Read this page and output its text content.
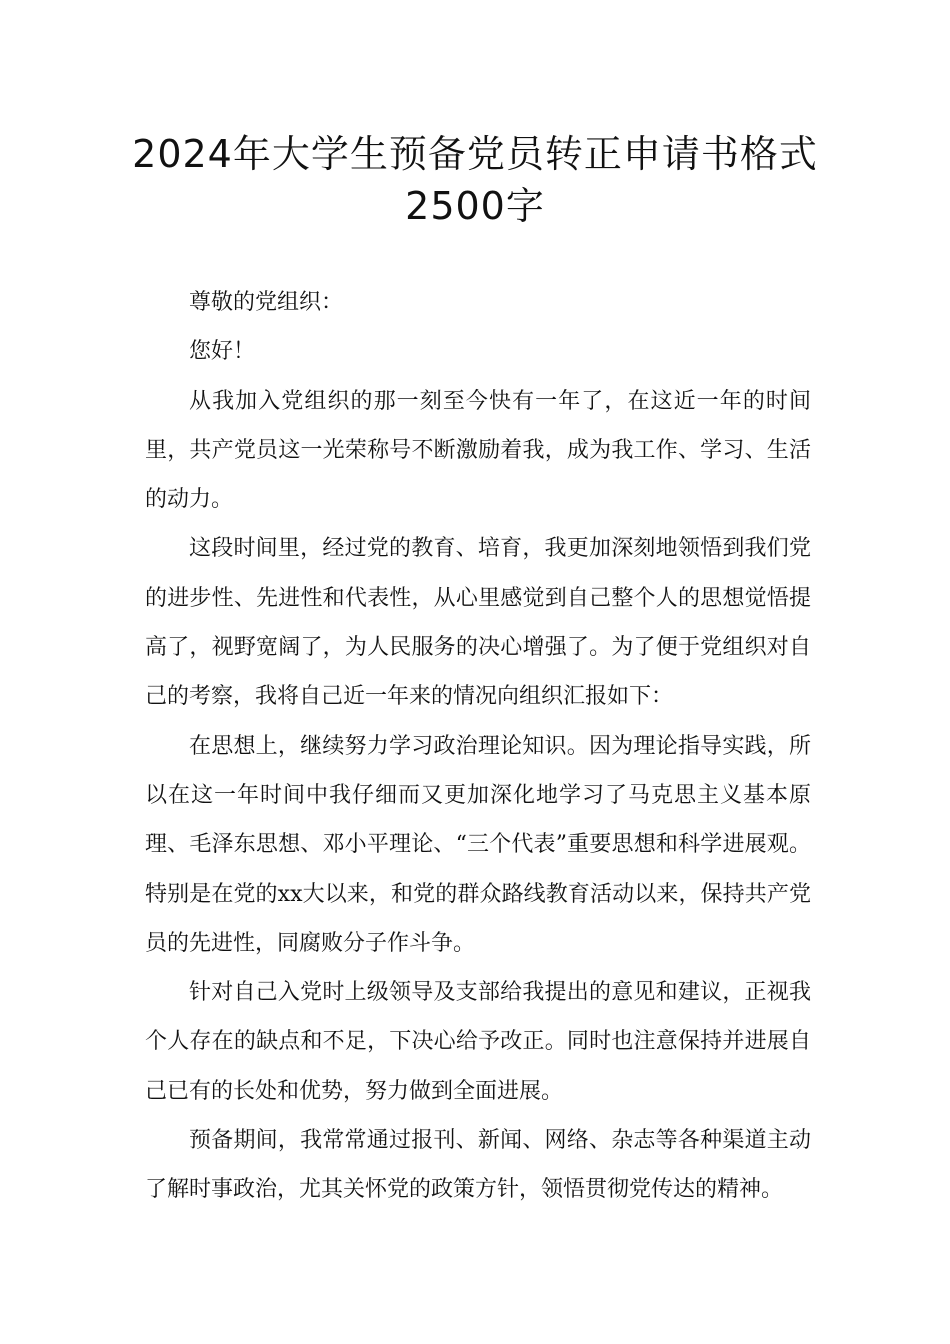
2024年大学生预备党员转正申请书格式
2500字

尊敬的党组织：

您好！

从我加入党组织的那一刻至今快有一年了，在这近一年的时间里，共产党员这一光荣称号不断激励着我，成为我工作、学习、生活的动力。

这段时间里，经过党的教育、培育，我更加深刻地领悟到我们党的进步性、先进性和代表性，从心里感觉到自己整个人的思想觉悟提高了，视野宽阔了，为人民服务的决心增强了。为了便于党组织对自己的考察，我将自己近一年来的情况向组织汇报如下：

在思想上，继续努力学习政治理论知识。因为理论指导实践，所以在这一年时间中我仔细而又更加深化地学习了马克思主义基本原理、毛泽东思想、邓小平理论、“三个代表”重要思想和科学进展观。特别是在党的xx大以来，和党的群众路线教育活动以来，保持共产党员的先进性，同腐败分子作斗争。

针对自己入党时上级领导及支部给我提出的意见和建议，正视我个人存在的缺点和不足，下决心给予改正。同时也注意保持并进展自己已有的长处和优势，努力做到全面进展。

预备期间，我常常通过报刊、新闻、网络、杂志等各种渠道主动了解时事政治，尤其关怀党的政策方针，领悟贯彻党传达的精神。
